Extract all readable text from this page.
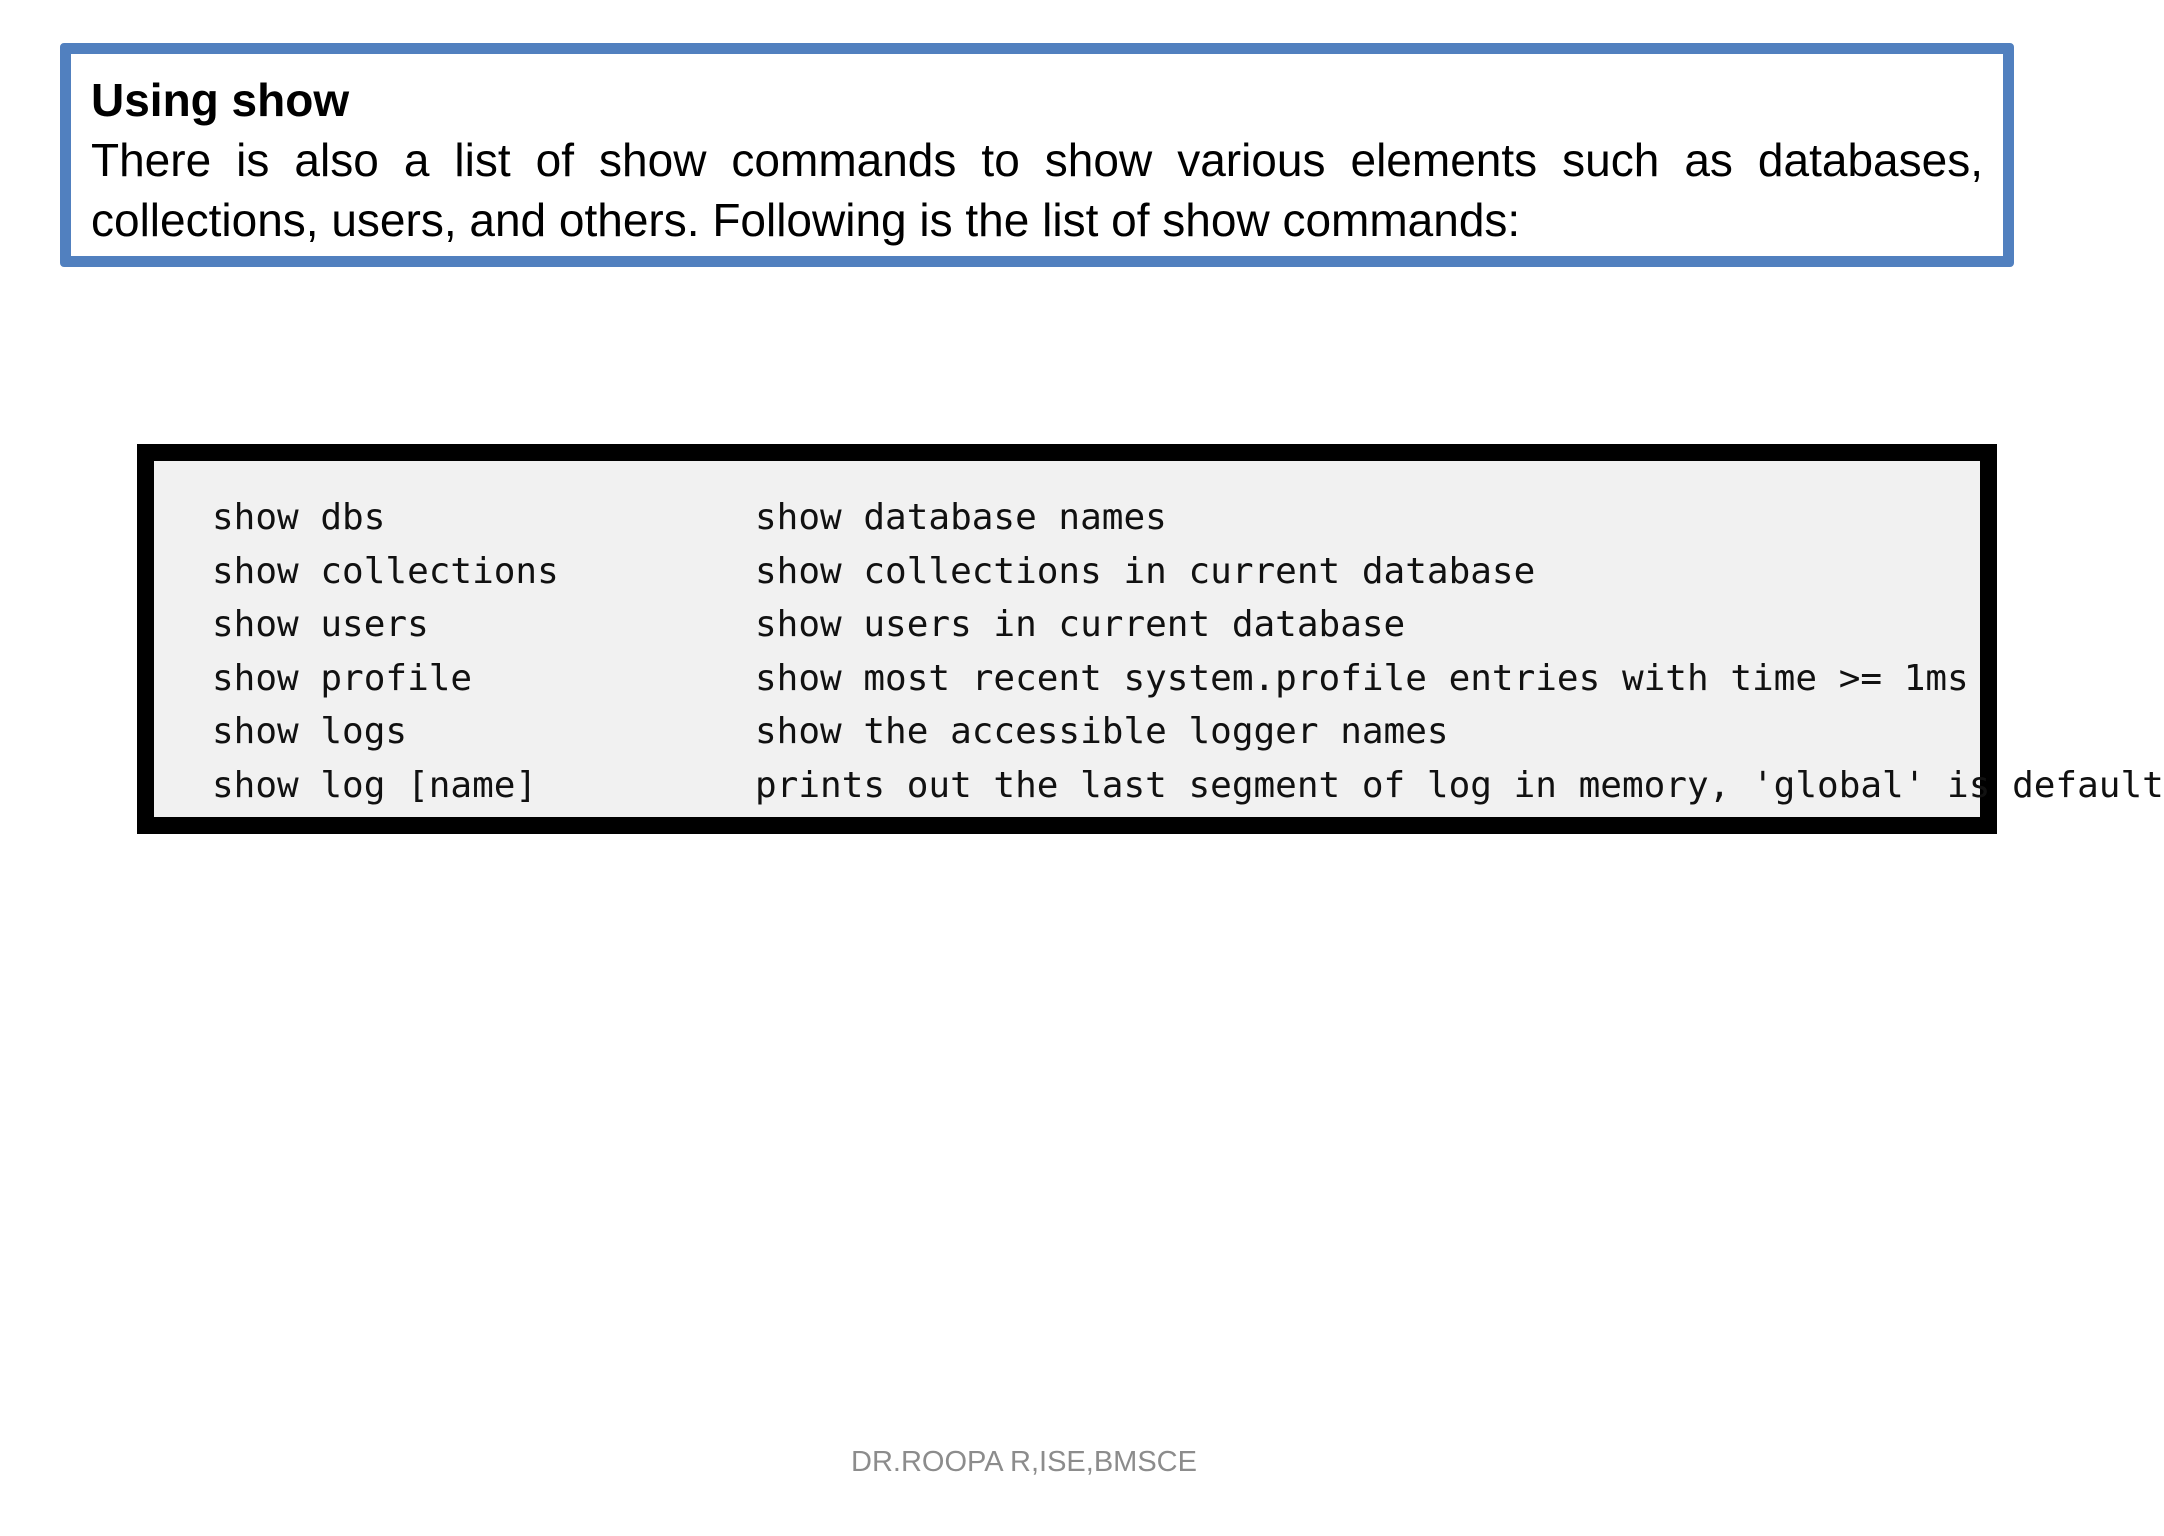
Using show

There is also a list of show commands to show various elements such as databases,
collections, users, and others. Following is the list of show commands:

show dbs	show database names
show collections	show collections in current database
show users	show users in current database
show profile	show most recent system.profile entries with time >= 1ms
show logs	show the accessible logger names
show log [name]	prints out the last segment of log in memory, 'global' is default
DR.ROOPA R,ISE,BMSCE
